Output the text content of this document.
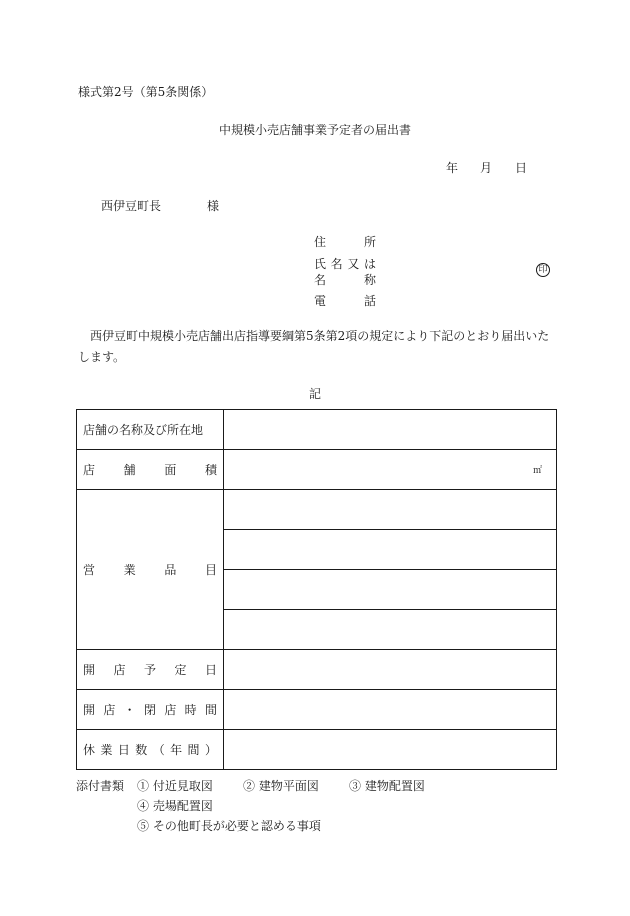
様式第2号（第5条関係）
中規模小売店舗事業予定者の届出書
年 月 日
西伊豆町長	様
住所
氏名又は
名称
電話
印
西伊豆町中規模小売店舗出店指導要綱第5条第2項の規定により下記のとおり届出いたします。
記
店舗の名称及び所在地	

店舗面積	㎡

営業品目	

開店予定日	

開店・閉店時間	

休業日数（年間）	

添付書類 ① 付近見取図	② 建物平面図	③ 建物配置図
④ 売場配置図
⑤ その他町長が必要と認める事項
